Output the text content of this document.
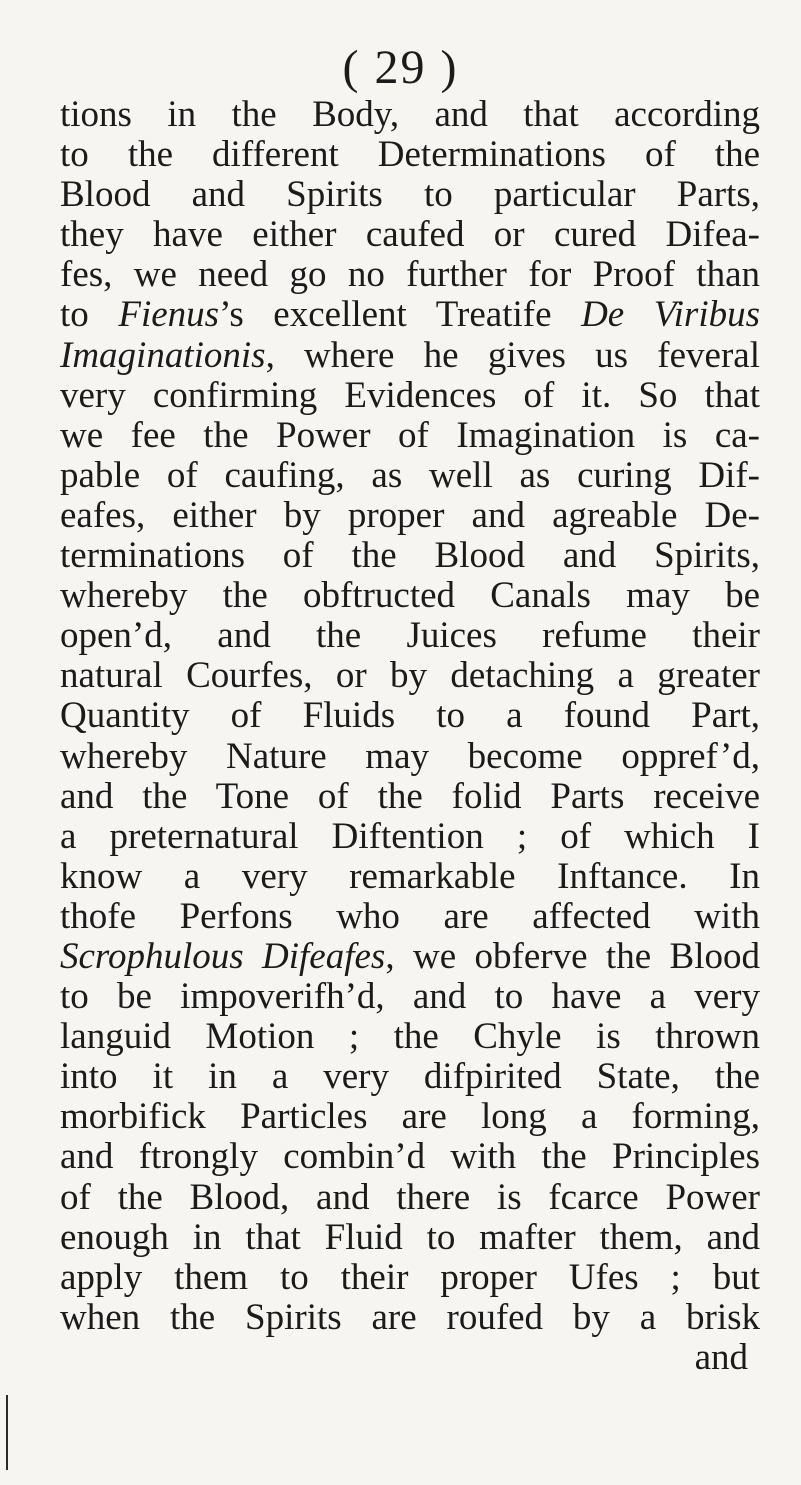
( 29 )
tions in the Body, and that according
to the different Determinations of the
Blood and Spirits to particular Parts,
they have either caufed or cured Difea-
fes, we need go no further for Proof than
to Fienus’s excellent Treatife De Viribus
Imaginationis, where he gives us feveral
very confirming Evidences of it. So that
we fee the Power of Imagination is ca-
pable of caufing, as well as curing Dif-
eafes, either by proper and agreable De-
terminations of the Blood and Spirits,
whereby the obftructed Canals may be
open’d, and the Juices refume their
natural Courfes, or by detaching a greater
Quantity of Fluids to a found Part,
whereby Nature may become oppref’d,
and the Tone of the folid Parts receive
a preternatural Diftention ; of which I
know a very remarkable Inftance. In
thofe Perfons who are affected with
Scrophulous Difeafes, we obferve the Blood
to be impoverifh’d, and to have a very
languid Motion ; the Chyle is thrown
into it in a very difpirited State, the
morbifick Particles are long a forming,
and ftrongly combin’d with the Principles
of the Blood, and there is fcarce Power
enough in that Fluid to mafter them, and
apply them to their proper Ufes ; but
when the Spirits are roufed by a brisk
and
